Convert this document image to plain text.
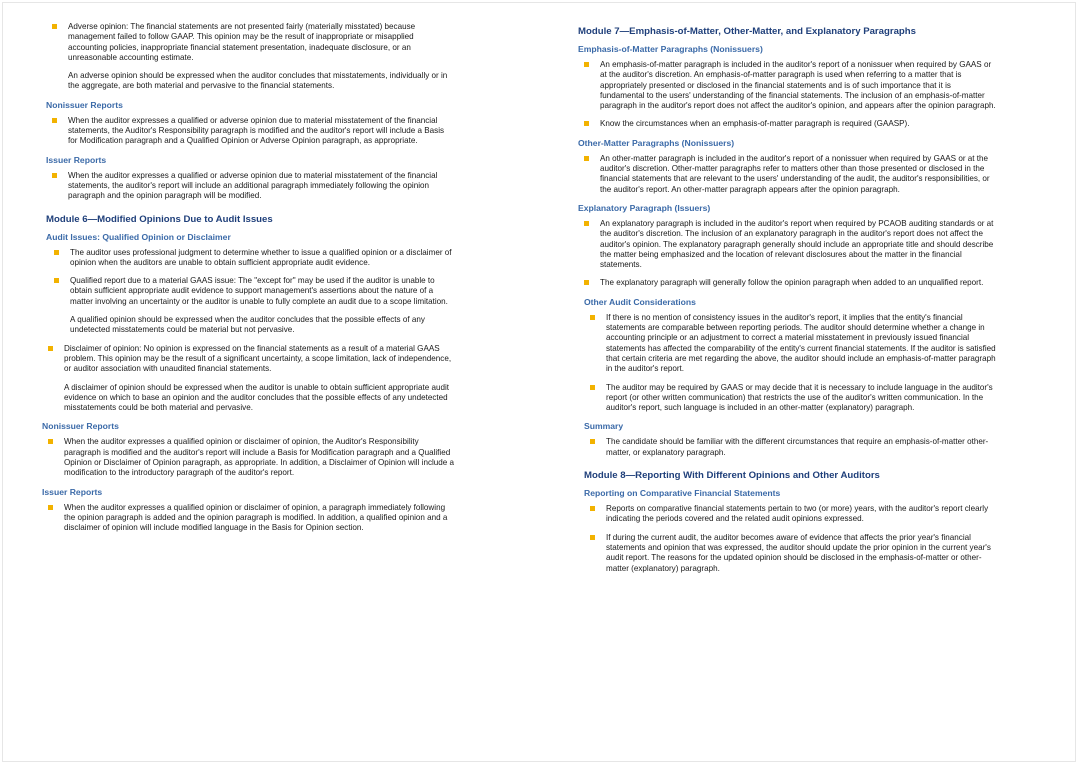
Adverse opinion: The financial statements are not presented fairly (materially misstated) because management failed to follow GAAP. This opinion may be the result of inappropriate or misapplied accounting policies, inappropriate financial statement presentation, inadequate disclosure, or an unreasonable accounting estimate.

An adverse opinion should be expressed when the auditor concludes that misstatements, individually or in the aggregate, are both material and pervasive to the financial statements.

Nonissuer Reports

When the auditor expresses a qualified or adverse opinion due to material misstatement of the financial statements, the Auditor's Responsibility paragraph is modified and the auditor's report will include a Basis for Modification paragraph and a Qualified Opinion or Adverse Opinion paragraph, as appropriate.

Issuer Reports

When the auditor expresses a qualified or adverse opinion due to material misstatement of the financial statements, the auditor's report will include an additional paragraph immediately following the opinion paragraph and the opinion paragraph will be modified.

Module 6—Modified Opinions Due to Audit Issues
Audit Issues: Qualified Opinion or Disclaimer

The auditor uses professional judgment to determine whether to issue a qualified opinion or a disclaimer of opinion when the auditors are unable to obtain sufficient appropriate audit evidence.

Qualified report due to a material GAAS issue: The "except for" may be used if the auditor is unable to obtain sufficient appropriate audit evidence to support management's assertions about the nature of a matter involving an uncertainty or the auditor is unable to fully complete an audit due to a scope limitation.

A qualified opinion should be expressed when the auditor concludes that the possible effects of any undetected misstatements could be material but not pervasive.

Disclaimer of opinion: No opinion is expressed on the financial statements as a result of a material GAAS problem. This opinion may be the result of a significant uncertainty, a scope limitation, lack of independence, or auditor association with unaudited financial statements.

A disclaimer of opinion should be expressed when the auditor is unable to obtain sufficient appropriate audit evidence on which to base an opinion and the auditor concludes that the possible effects of any undetected misstatements could be both material and pervasive.

Nonissuer Reports

When the auditor expresses a qualified opinion or disclaimer of opinion, the Auditor's Responsibility paragraph is modified and the auditor's report will include a Basis for Modification paragraph and a Qualified Opinion or Disclaimer of Opinion paragraph, as appropriate. In addition, a Disclaimer of Opinion will include a modification to the introductory paragraph of the auditor's report.

Issuer Reports

When the auditor expresses a qualified opinion or disclaimer of opinion, a paragraph immediately following the opinion paragraph is added and the opinion paragraph is modified. In addition, a qualified opinion and a disclaimer of opinion will include modified language in the Basis for Opinion section.

Module 7—Emphasis-of-Matter, Other-Matter, and Explanatory Paragraphs
Emphasis-of-Matter Paragraphs (Nonissuers)

An emphasis-of-matter paragraph is included in the auditor's report of a nonissuer when required by GAAS or at the auditor's discretion. An emphasis-of-matter paragraph is used when referring to a matter that is appropriately presented or disclosed in the financial statements and is of such importance that it is fundamental to the users' understanding of the financial statements. The inclusion of an emphasis-of-matter paragraph in the auditor's report does not affect the auditor's opinion, and appears after the opinion paragraph.

Know the circumstances when an emphasis-of-matter paragraph is required (GAASP).

Other-Matter Paragraphs (Nonissuers)

An other-matter paragraph is included in the auditor's report of a nonissuer when required by GAAS or at the auditor's discretion. Other-matter paragraphs refer to matters other than those presented or disclosed in the financial statements that are relevant to the users' understanding of the audit, the auditor's responsibilities, or the auditor's report. An other-matter paragraph appears after the opinion paragraph.

Explanatory Paragraph (Issuers)

An explanatory paragraph is included in the auditor's report when required by PCAOB auditing standards or at the auditor's discretion. The inclusion of an explanatory paragraph in the auditor's report does not affect the auditor's opinion. The explanatory paragraph generally should include an appropriate title and should describe the matter being emphasized and the location of relevant disclosures about the matter in the financial statements.

The explanatory paragraph will generally follow the opinion paragraph when added to an unqualified report.

Other Audit Considerations

If there is no mention of consistency issues in the auditor's report, it implies that the entity's financial statements are comparable between reporting periods. The auditor should determine whether a change in accounting principle or an adjustment to correct a material misstatement in previously issued financial statements has affected the comparability of the entity's current financial statements. If the auditor is satisfied that certain criteria are met regarding the above, the auditor should include an emphasis-of-matter paragraph in the auditor's report.

The auditor may be required by GAAS or may decide that it is necessary to include language in the auditor's report (or other written communication) that restricts the use of the auditor's written communication. In the auditor's report, such language is included in an other-matter (explanatory) paragraph.

Summary

The candidate should be familiar with the different circumstances that require an emphasis-of-matter other-matter, or explanatory paragraph.

Module 8—Reporting With Different Opinions and Other Auditors
Reporting on Comparative Financial Statements

Reports on comparative financial statements pertain to two (or more) years, with the auditor's report clearly indicating the periods covered and the related audit opinions expressed.

If during the current audit, the auditor becomes aware of evidence that affects the prior year's financial statements and opinion that was expressed, the auditor should update the prior opinion in the current year's audit report. The reasons for the updated opinion should be disclosed in the emphasis-of-matter or other-matter (explanatory) paragraph.
